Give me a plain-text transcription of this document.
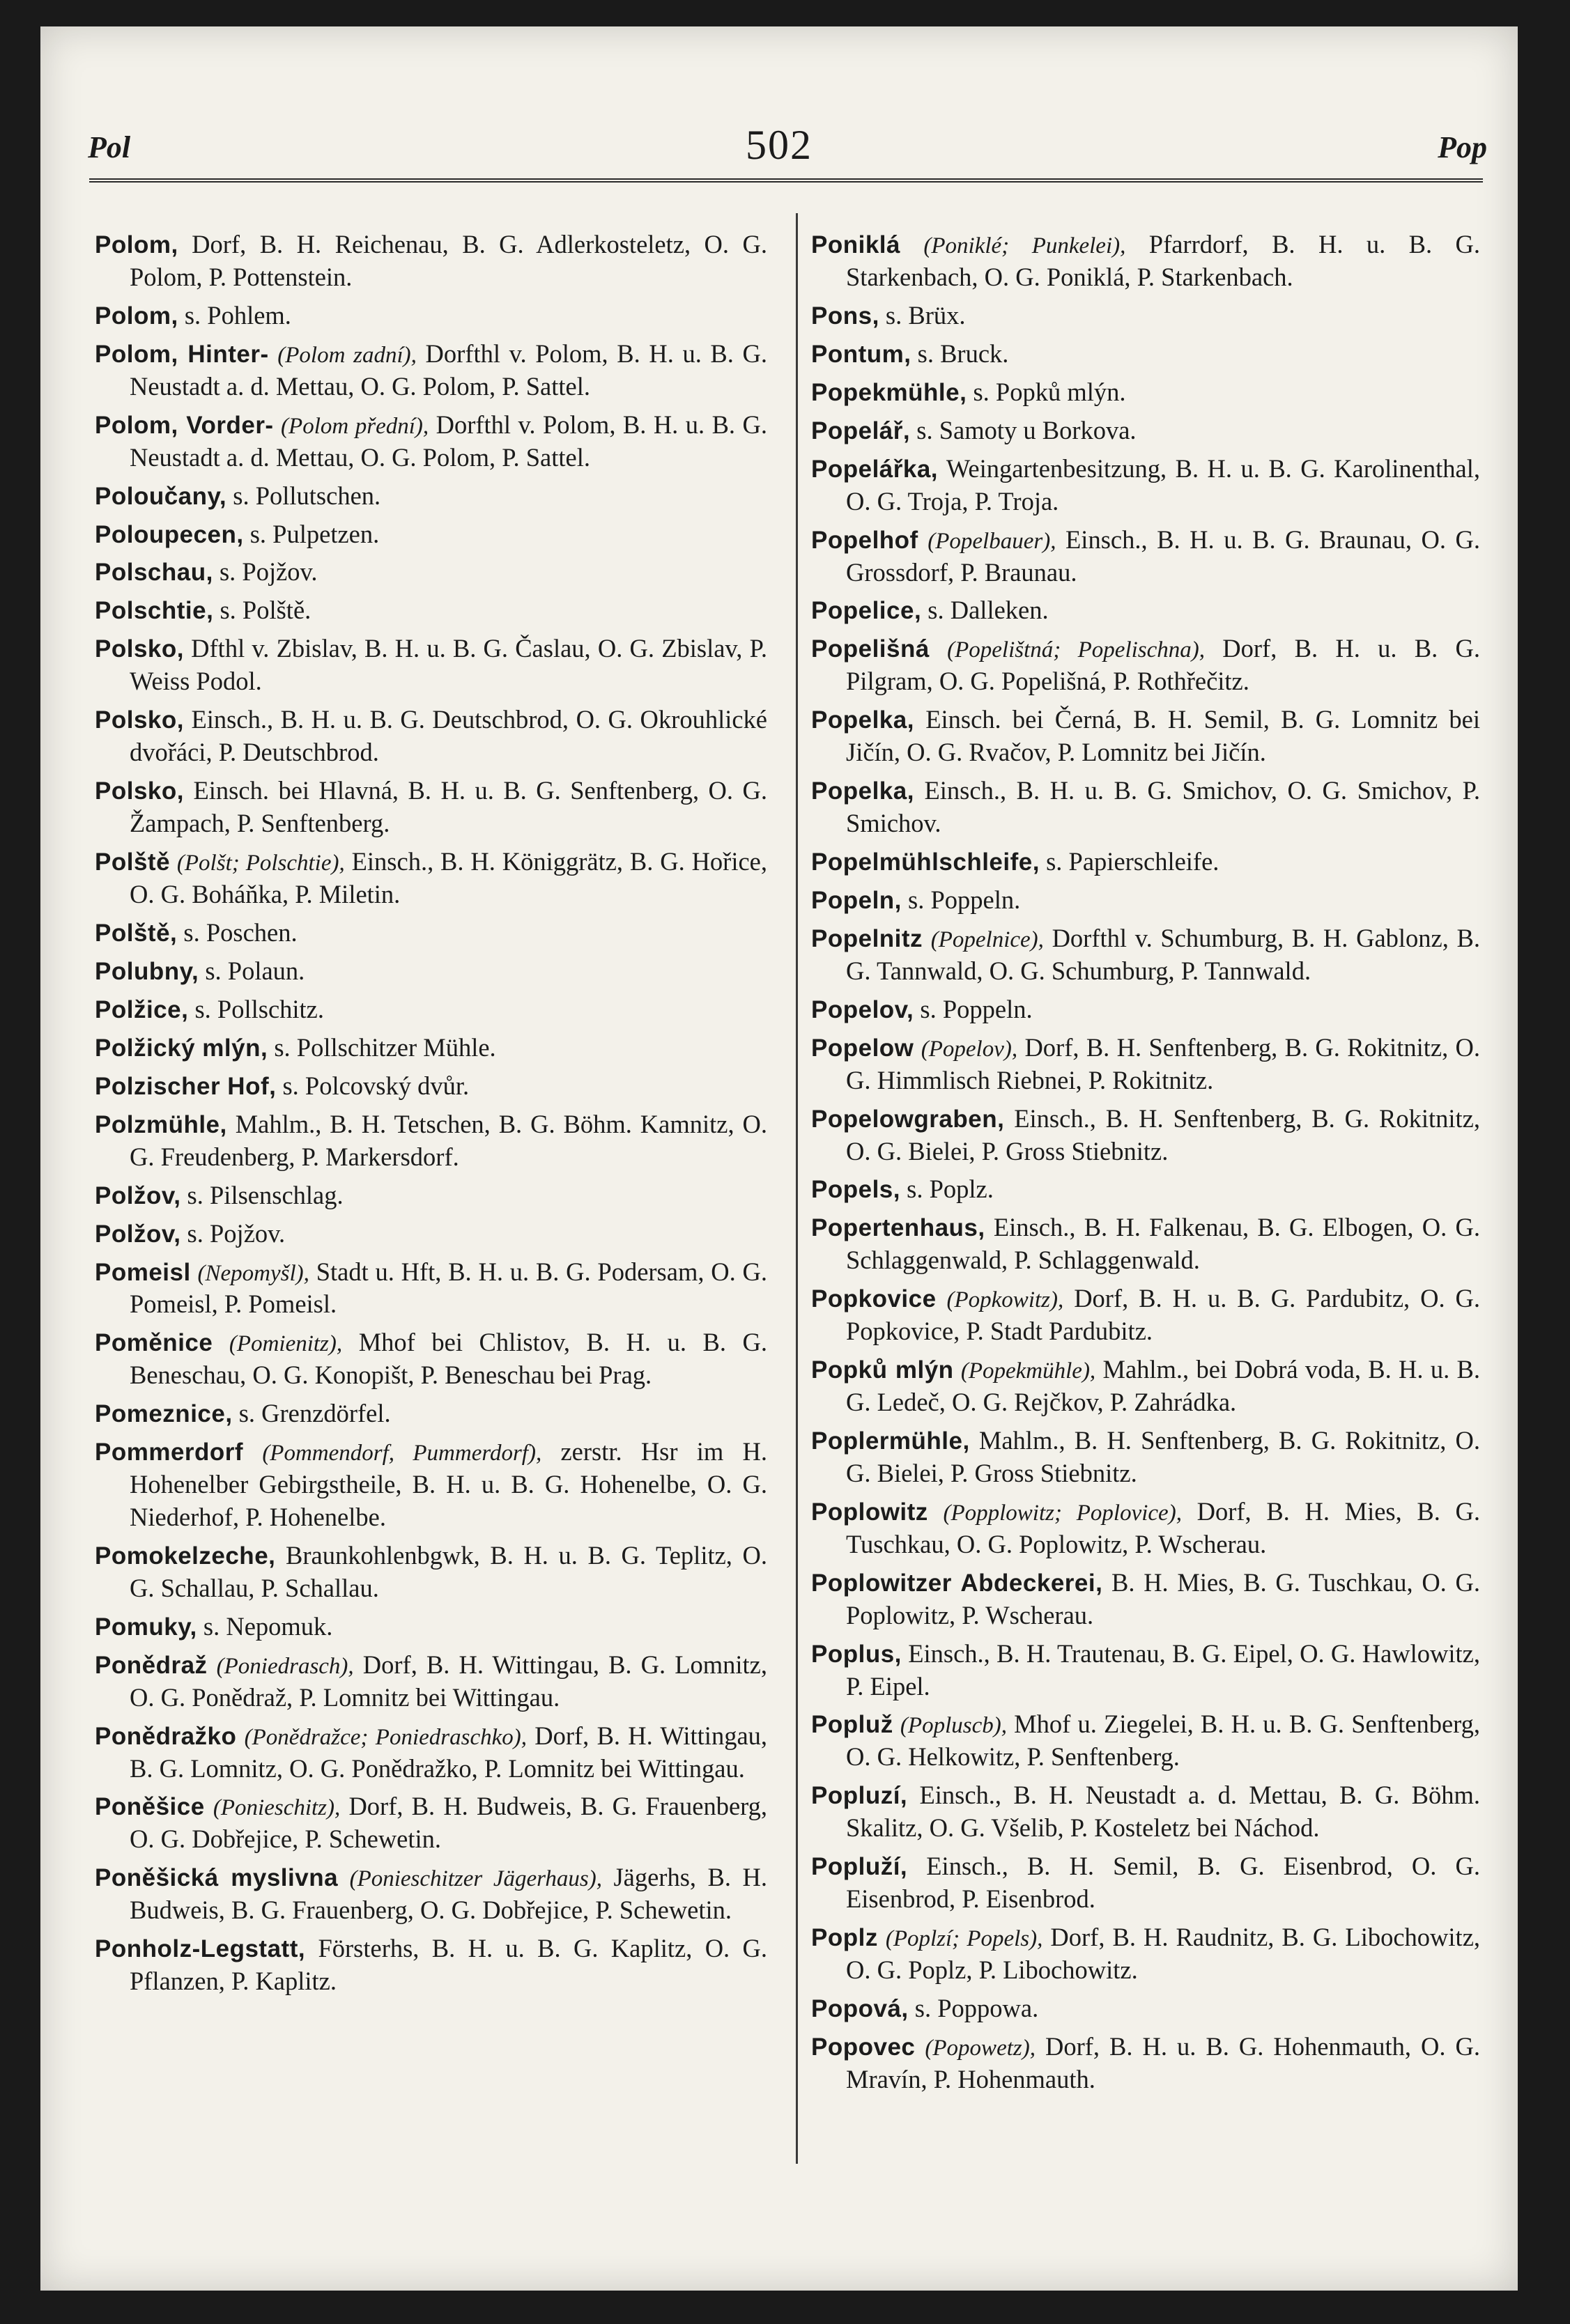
Pol	502	Pop

Polom, Dorf, B. H. Reichenau, B. G. Adlerkosteletz, O. G. Polom, P. Pottenstein.

Polom, s. Pohlem.

Polom, Hinter- (Polom zadní), Dorfthl v. Polom, B. H. u. B. G. Neustadt a. d. Mettau, O. G. Polom, P. Sattel.

Polom, Vorder- (Polom přední), Dorfthl v. Polom, B. H. u. B. G. Neustadt a. d. Mettau, O. G. Polom, P. Sattel.

Poloučany, s. Pollutschen.

Poloupecen, s. Pulpetzen.

Polschau, s. Pojžov.

Polschtie, s. Polště.

Polsko, Dfthl v. Zbislav, B. H. u. B. G. Časlau, O. G. Zbislav, P. Weiss Podol.

Polsko, Einsch., B. H. u. B. G. Deutschbrod, O. G. Okrouhlické dvořáci, P. Deutschbrod.

Polsko, Einsch. bei Hlavná, B. H. u. B. G. Senftenberg, O. G. Žampach, P. Senftenberg.

Polště (Polšt; Polschtie), Einsch., B. H. Königgrätz, B. G. Hořice, O. G. Boháňka, P. Miletin.

Polště, s. Poschen.

Polubny, s. Polaun.

Polžice, s. Pollschitz.

Polžický mlýn, s. Pollschitzer Mühle.

Polzischer Hof, s. Polcovský dvůr.

Polzmühle, Mahlm., B. H. Tetschen, B. G. Böhm. Kamnitz, O. G. Freudenberg, P. Markersdorf.

Polžov, s. Pilsenschlag.

Polžov, s. Pojžov.

Pomeisl (Nepomyšl), Stadt u. Hft, B. H. u. B. G. Podersam, O. G. Pomeisl, P. Pomeisl.

Poměnice (Pomienitz), Mhof bei Chlistov, B. H. u. B. G. Beneschau, O. G. Konopišt, P. Beneschau bei Prag.

Pomeznice, s. Grenzdörfel.

Pommerdorf (Pommendorf, Pummerdorf), zerstr. Hsr im H. Hohenelber Gebirgstheile, B. H. u. B. G. Hohenelbe, O. G. Niederhof, P. Hohenelbe.

Pomokelzeche, Braunkohlenbgwk, B. H. u. B. G. Teplitz, O. G. Schallau, P. Schallau.

Pomuky, s. Nepomuk.

Ponědraž (Poniedrasch), Dorf, B. H. Wittingau, B. G. Lomnitz, O. G. Ponědraž, P. Lomnitz bei Wittingau.

Ponědražko (Ponědražce; Poniedraschko), Dorf, B. H. Wittingau, B. G. Lomnitz, O. G. Ponědražko, P. Lomnitz bei Wittingau.

Poněšice (Ponieschitz), Dorf, B. H. Budweis, B. G. Frauenberg, O. G. Dobřejice, P. Schewetin.

Poněšická myslivna (Ponieschitzer Jägerhaus), Jägerhs, B. H. Budweis, B. G. Frauenberg, O. G. Dobřejice, P. Schewetin.

Ponholz-Legstatt, Försterhs, B. H. u. B. G. Kaplitz, O. G. Pflanzen, P. Kaplitz.

Poniklá (Poniklé; Punkelei), Pfarrdorf, B. H. u. B. G. Starkenbach, O. G. Poniklá, P. Starkenbach.

Pons, s. Brüx.

Pontum, s. Bruck.

Popekmühle, s. Popků mlýn.

Popelář, s. Samoty u Borkova.

Popelářka, Weingartenbesitzung, B. H. u. B. G. Karolinenthal, O. G. Troja, P. Troja.

Popelhof (Popelbauer), Einsch., B. H. u. B. G. Braunau, O. G. Grossdorf, P. Braunau.

Popelice, s. Dalleken.

Popelišná (Popelištná; Popelischna), Dorf, B. H. u. B. G. Pilgram, O. G. Popelišná, P. Rothřečitz.

Popelka, Einsch. bei Černá, B. H. Semil, B. G. Lomnitz bei Jičín, O. G. Rvačov, P. Lomnitz bei Jičín.

Popelka, Einsch., B. H. u. B. G. Smichov, O. G. Smichov, P. Smichov.

Popelmühlschleife, s. Papierschleife.

Popeln, s. Poppeln.

Popelnitz (Popelnice), Dorfthl v. Schumburg, B. H. Gablonz, B. G. Tannwald, O. G. Schumburg, P. Tannwald.

Popelov, s. Poppeln.

Popelow (Popelov), Dorf, B. H. Senftenberg, B. G. Rokitnitz, O. G. Himmlisch Riebnei, P. Rokitnitz.

Popelowgraben, Einsch., B. H. Senftenberg, B. G. Rokitnitz, O. G. Bielei, P. Gross Stiebnitz.

Popels, s. Poplz.

Popertenhaus, Einsch., B. H. Falkenau, B. G. Elbogen, O. G. Schlaggenwald, P. Schlaggenwald.

Popkovice (Popkowitz), Dorf, B. H. u. B. G. Pardubitz, O. G. Popkovice, P. Stadt Pardubitz.

Popků mlýn (Popekmühle), Mahlm., bei Dobrá voda, B. H. u. B. G. Ledeč, O. G. Rejčkov, P. Zahrádka.

Poplermühle, Mahlm., B. H. Senftenberg, B. G. Rokitnitz, O. G. Bielei, P. Gross Stiebnitz.

Poplowitz (Popplowitz; Poplovice), Dorf, B. H. Mies, B. G. Tuschkau, O. G. Poplowitz, P. Wscherau.

Poplowitzer Abdeckerei, B. H. Mies, B. G. Tuschkau, O. G. Poplowitz, P. Wscherau.

Poplus, Einsch., B. H. Trautenau, B. G. Eipel, O. G. Hawlowitz, P. Eipel.

Popluž (Popluscb), Mhof u. Ziegelei, B. H. u. B. G. Senftenberg, O. G. Helkowitz, P. Senftenberg.

Popluzí, Einsch., B. H. Neustadt a. d. Mettau, B. G. Böhm. Skalitz, O. G. Všelib, P. Kosteletz bei Náchod.

Popluží, Einsch., B. H. Semil, B. G. Eisenbrod, O. G. Eisenbrod, P. Eisenbrod.

Poplz (Poplzí; Popels), Dorf, B. H. Raudnitz, B. G. Libochowitz, O. G. Poplz, P. Libochowitz.

Popová, s. Poppowa.

Popovec (Popowetz), Dorf, B. H. u. B. G. Hohenmauth, O. G. Mravín, P. Hohenmauth.
